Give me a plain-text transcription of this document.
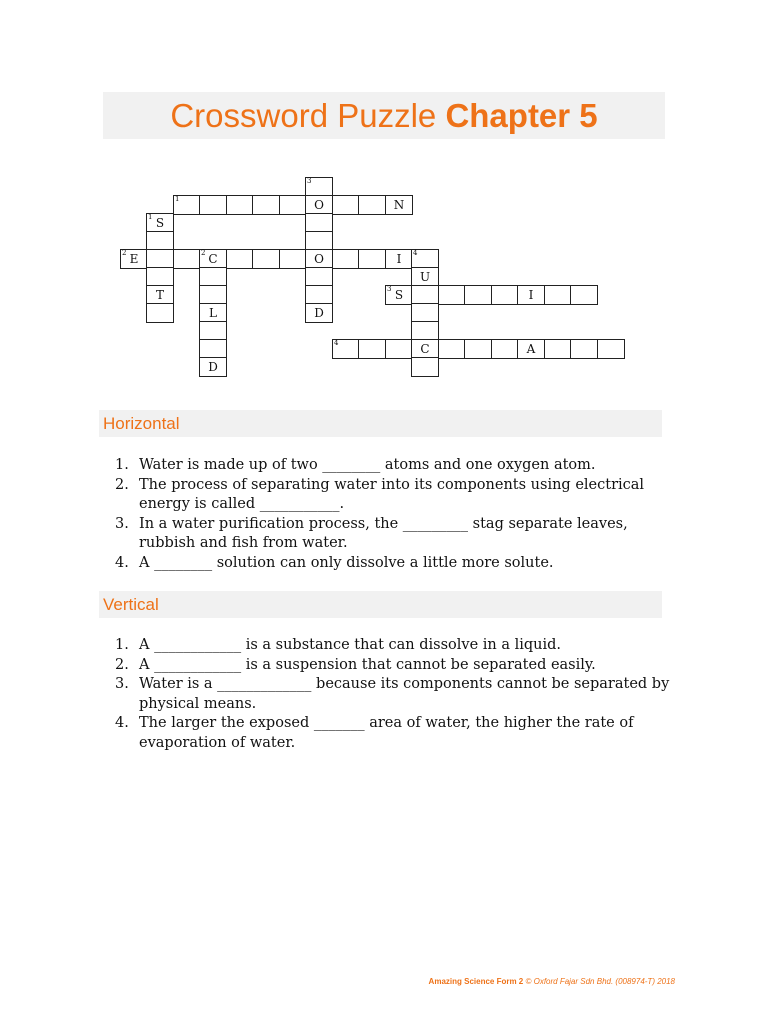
Crossword Puzzle Chapter 5
3
1	O	N
1 S
2 E	2 C	O	I	4
U
T	3 S	I
L	D
4	C	A
D
Horizontal
1. Water is made up of two ________ atoms and one oxygen atom.
2. The process of separating water into its components using electrical energy is called ___________.
3. In a water purification process, the _________ stag separate leaves, rubbish and fish from water.
4. A ________ solution can only dissolve a little more solute.
Vertical
1. A ____________ is a substance that can dissolve in a liquid.
2. A ____________ is a suspension that cannot be separated easily.
3. Water is a _____________ because its components cannot be separated by physical means.
4. The larger the exposed _______ area of water, the higher the rate of evaporation of water.
Amazing Science Form 2 © Oxford Fajar Sdn Bhd. (008974-T) 2018
